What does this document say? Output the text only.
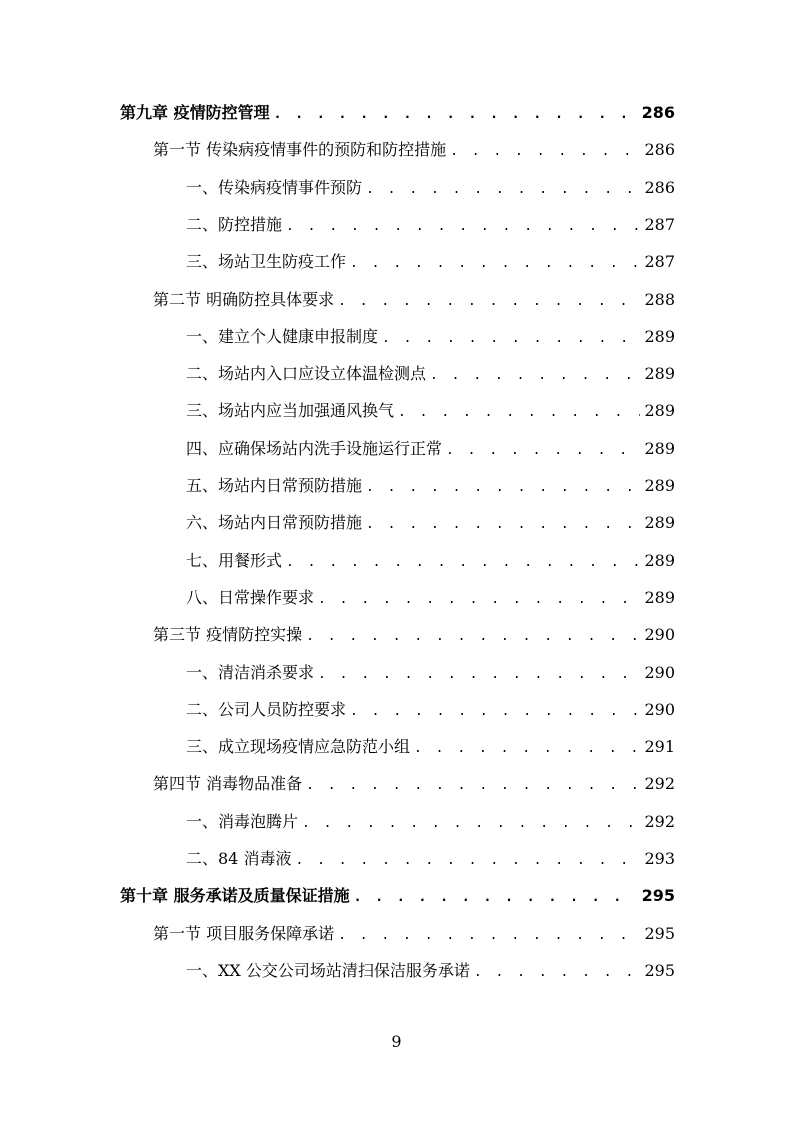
第九章 疫情防控管理 . . .	286
第一节 传染病疫情事件的预防和防控措施 . . .	286
一、传染病疫情事件预防 . . .	286
二、防控措施 . . .	287
三、场站卫生防疫工作 . . .	287
第二节 明确防控具体要求 . . .	288
一、建立个人健康申报制度 . . .	289
二、场站内入口应设立体温检测点 . . .	289
三、场站内应当加强通风换气 . . .	289
四、应确保场站内洗手设施运行正常 . . .	289
五、场站内日常预防措施 . . .	289
六、场站内日常预防措施 . . .	289
七、用餐形式 . . .	289
八、日常操作要求 . . .	289
第三节 疫情防控实操 . . .	290
一、清洁消杀要求 . . .	290
二、公司人员防控要求 . . .	290
三、成立现场疫情应急防范小组 . . .	291
第四节 消毒物品准备 . . .	292
一、消毒泡腾片 . . .	292
二、84 消毒液 . . .	293
第十章 服务承诺及质量保证措施 . . .	295
第一节 项目服务保障承诺 . . .	295
一、XX 公交公司场站清扫保洁服务承诺 . . .	295
9
